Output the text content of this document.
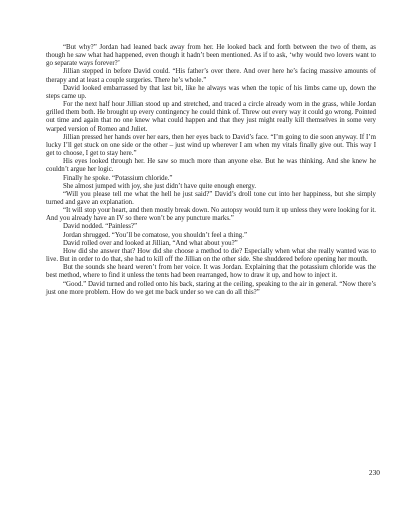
“But why?” Jordan had leaned back away from her. He looked back and forth between the two of them, as though he saw what had happened, even though it hadn’t been mentioned. As if to ask, ‘why would two lovers want to go separate ways forever?’

Jillian stepped in before David could. “His father’s over there. And over here he’s facing massive amounts of therapy and at least a couple surgeries. There he’s whole.”

David looked embarrassed by that last bit, like he always was when the topic of his limbs came up, down the steps came up.

For the next half hour Jillian stood up and stretched, and traced a circle already worn in the grass, while Jordan grilled them both. He brought up every contingency he could think of. Threw out every way it could go wrong. Pointed out time and again that no one knew what could happen and that they just might really kill themselves in some very warped version of Romeo and Juliet.

Jillian pressed her hands over her ears, then her eyes back to David’s face. “I’m going to die soon anyway. If I’m lucky I’ll get stuck on one side or the other – just wind up wherever I am when my vitals finally give out. This way I get to choose, I get to stay here.”

His eyes looked through her. He saw so much more than anyone else. But he was thinking. And she knew he couldn’t argue her logic.

Finally he spoke. “Potassium chloride.”

She almost jumped with joy, she just didn’t have quite enough energy.

“Will you please tell me what the hell he just said?” David’s droll tone cut into her happiness, but she simply turned and gave an explanation.

“It will stop your heart, and then mostly break down. No autopsy would turn it up unless they were looking for it. And you already have an IV so there won’t be any puncture marks.”

David nodded. “Painless?”

Jordan shrugged. “You’ll be comatose, you shouldn’t feel a thing.”

David rolled over and looked at Jillian, “And what about you?”

How did she answer that? How did she choose a method to die? Especially when what she really wanted was to live. But in order to do that, she had to kill off the Jillian on the other side. She shuddered before opening her mouth.

But the sounds she heard weren’t from her voice. It was Jordan. Explaining that the potassium chloride was the best method, where to find it unless the tents had been rearranged, how to draw it up, and how to inject it.

“Good.” David turned and rolled onto his back, staring at the ceiling, speaking to the air in general. “Now there’s just one more problem. How do we get me back under so we can do all this?”

230
